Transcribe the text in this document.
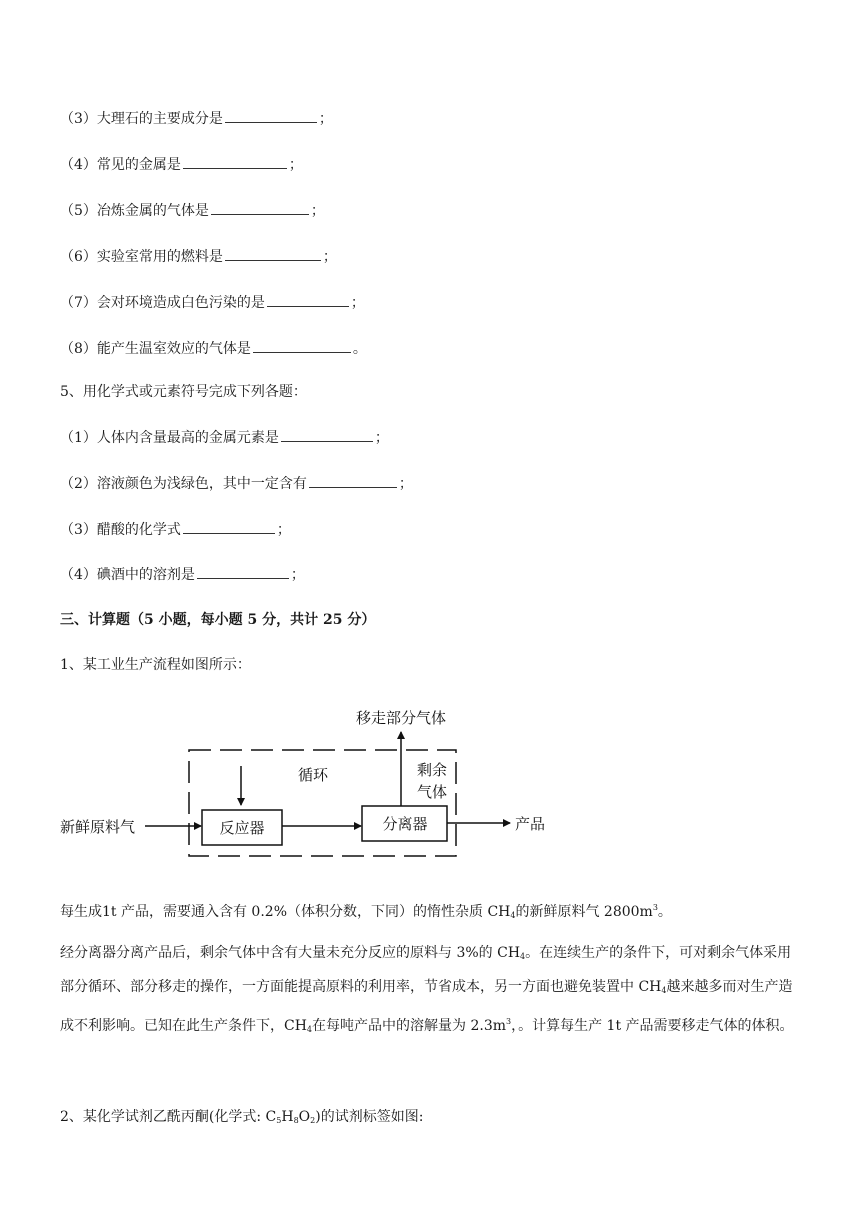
（3）大理石的主要成分是	；
（4）常见的金属是	；
（5）冶炼金属的气体是	；
（6）实验室常用的燃料是	；
（7）会对环境造成白色污染的是	；
（8）能产生温室效应的气体是	。
5、用化学式或元素符号完成下列各题：
（1）人体内含量最高的金属元素是	；
（2）溶液颜色为浅绿色，其中一定含有	；
（3）醋酸的化学式	；
（4）碘酒中的溶剂是	；
三、计算题（5 小题，每小题 5 分，共计 25 分）
1、某工业生产流程如图所示：
移走部分气体
循环	剩余
气体
新鲜原料气	反应器	分离器	产品
每生成1t 产品，需要通入含有 0.2%（体积分数，下同）的惰性杂质 $CH_4$的新鲜原料气 $2800m^3$。
经分离器分离产品后，剩余气体中含有大量未充分反应的原料与 3%的 $CH_4$。在连续生产的条件下，可对剩余气体采用部分循环、部分移走的操作，一方面能提高原料的利用率，节省成本，另一方面也避免装置中 $CH_4$越来越多而对生产造成不利影响。已知在此生产条件下，$CH_4$在每吨产品中的溶解量为 $2.3m^3$，。计算每生产 1t 产品需要移走气体的体积。
2、某化学试剂乙酰丙酮(化学式: $C_5H_8O_2$)的试剂标签如图:
